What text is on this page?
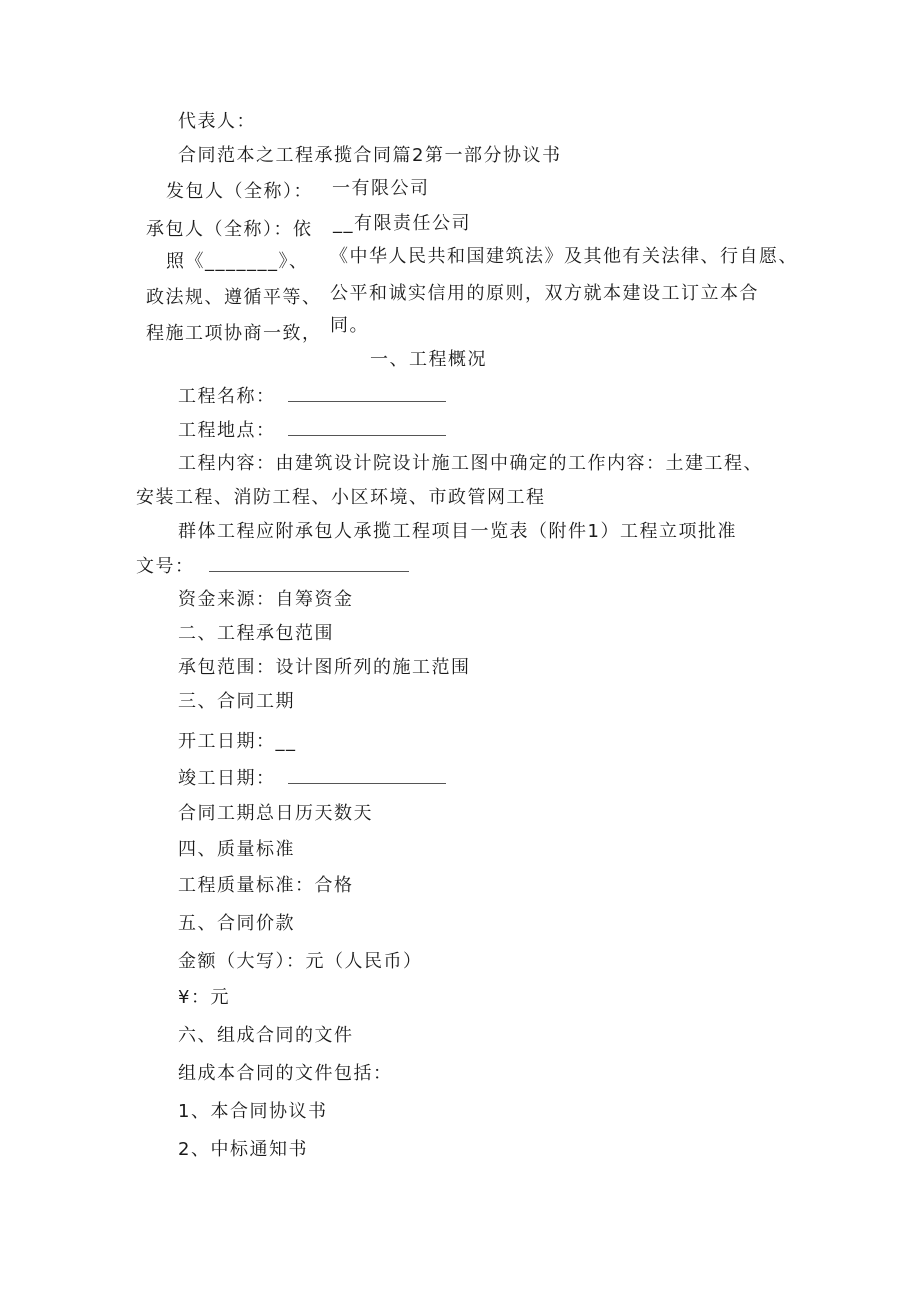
代表人：
合同范本之工程承揽合同篇2第一部分协议书
发包人（全称）： 一有限公司
承包人（全称）：依 __有限责任公司
照《_______》、 《中华人民共和国建筑法》及其他有关法律、行自愿、
政法规、遵循平等、 公平和诚实信用的原则，双方就本建设工订立本合
程施工项协商一致， 同。
一、工程概况
工程名称：
工程地点：
工程内容：由建筑设计院设计施工图中确定的工作内容：土建工程、
安装工程、消防工程、小区环境、市政管网工程
群体工程应附承包人承揽工程项目一览表（附件1）工程立项批准
文号：
资金来源：自筹资金
二、工程承包范围
承包范围：设计图所列的施工范围
三、合同工期
开工日期：__
竣工日期：
合同工期总日历天数天
四、质量标准
工程质量标准：合格
五、合同价款
金额（大写）：元（人民币）
¥：元
六、组成合同的文件
组成本合同的文件包括：
1、本合同协议书
2、中标通知书
